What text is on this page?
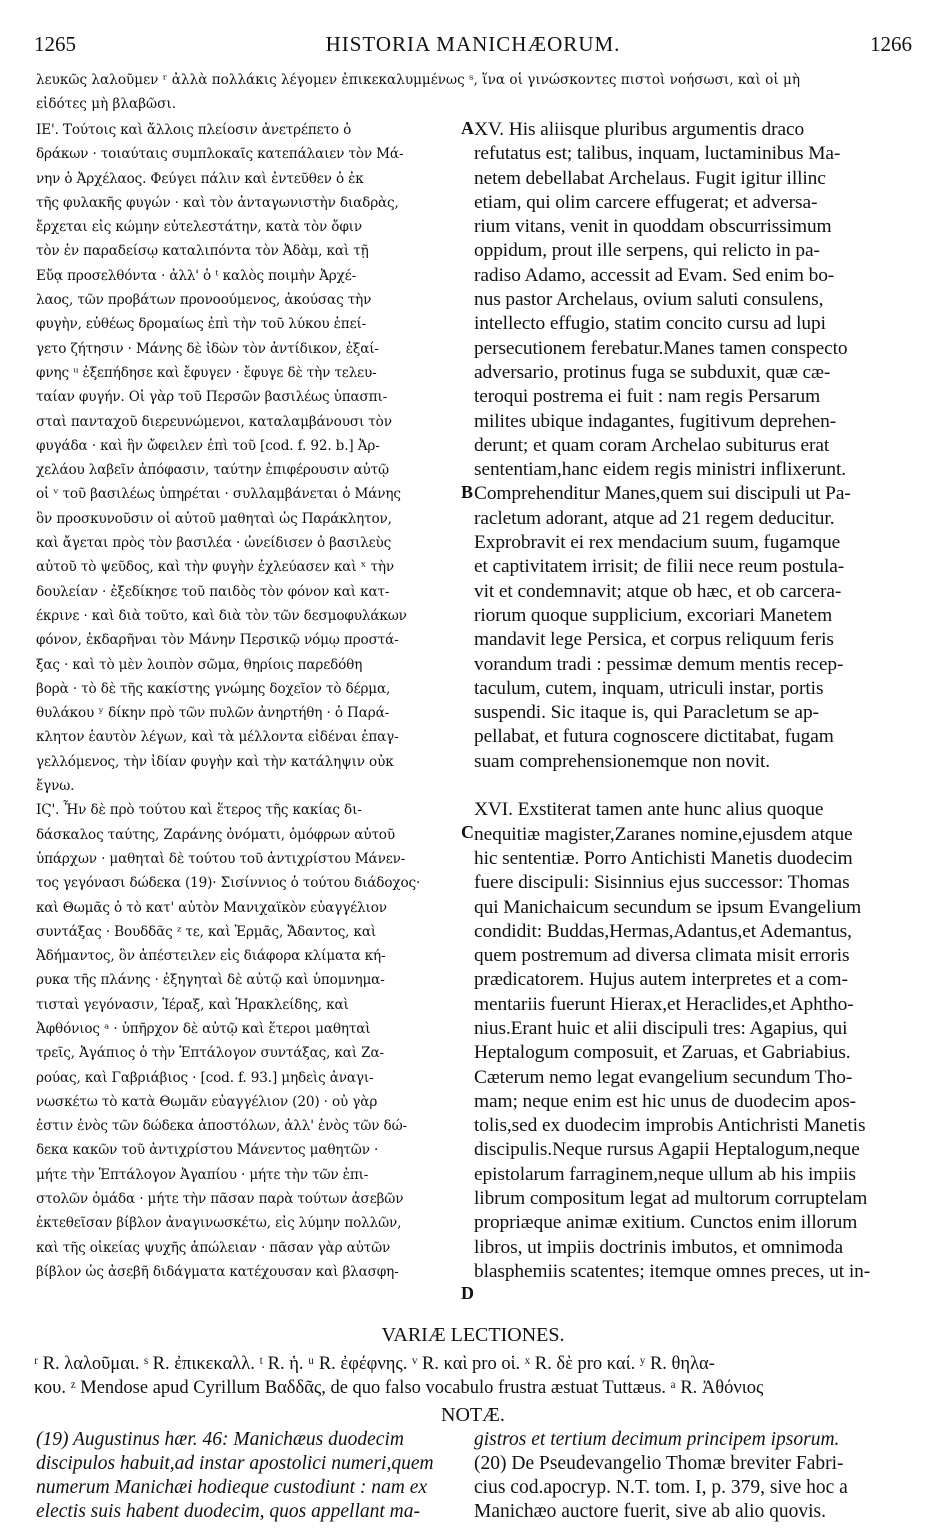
1265	HISTORIA MANICHÆORUM.	1266
λευκῶς λαλοῦμεν ʳ ἀλλὰ πολλάκις λέγομεν ἐπικεκαλυμμένως ˢ, ἵνα οἱ γινώσκοντες πιστοὶ νοήσωσι, καὶ οἱ μὴ
εἰδότες μὴ βλαβῶσι.
ΙΕ'. Τούτοις καὶ ἄλλοις πλείοσιν ἀνετρέπετο ὁ
δράκων · τοιαύταις συμπλοκαῖς κατεπάλαιεν τὸν Μά-
νην ὁ Ἀρχέλαος. Φεύγει πάλιν καὶ ἐντεῦθεν ὁ ἐκ
τῆς φυλακῆς φυγών · καὶ τὸν ἀνταγωνιστὴν διαδρὰς,
ἔρχεται εἰς κώμην εὐτελεστάτην, κατὰ τὸν ὄφιν
τὸν ἐν παραδείσῳ καταλιπόντα τὸν Ἀδὰμ, καὶ τῇ
Εὔᾳ προσελθόντα · ἀλλ' ὁ ᵗ καλὸς ποιμὴν Ἀρχέ-
λαος, τῶν προβάτων προνοούμενος, ἀκούσας τὴν
φυγὴν, εὐθέως δρομαίως ἐπὶ τὴν τοῦ λύκου ἐπεί-
γετο ζήτησιν · Μάνης δὲ ἰδὼν τὸν ἀντίδικον, ἐξαί-
φνης ᵘ ἐξεπήδησε καὶ ἔφυγεν · ἔφυγε δὲ τὴν τελευ-
ταίαν φυγήν. Οἱ γὰρ τοῦ Περσῶν βασιλέως ὑπασπι-
σταὶ πανταχοῦ διερευνώμενοι, καταλαμβάνουσι τὸν
φυγάδα · καὶ ἣν ὤφειλεν ἐπὶ τοῦ [cod. f. 92. b.] Ἀρ-
χελάου λαβεῖν ἀπόφασιν, ταύτην ἐπιφέρουσιν αὐτῷ
οἱ ᵛ τοῦ βασιλέως ὑπηρέται · συλλαμβάνεται ὁ Μάνης
ὃν προσκυνοῦσιν οἱ αὐτοῦ μαθηταὶ ὡς Παράκλητον,
καὶ ἄγεται πρὸς τὸν βασιλέα · ὠνείδισεν ὁ βασιλεὺς
αὐτοῦ τὸ ψεῦδος, καὶ τὴν φυγὴν ἐχλεύασεν καὶ ˣ τὴν
δουλείαν · ἐξεδίκησε τοῦ παιδὸς τὸν φόνον καὶ κατ-
έκρινε · καὶ διὰ τοῦτο, καὶ διὰ τὸν τῶν δεσμοφυλάκων
φόνον, ἐκδαρῆναι τὸν Μάνην Περσικῷ νόμῳ προστά-
ξας · καὶ τὸ μὲν λοιπὸν σῶμα, θηρίοις παρεδόθη
βορὰ · τὸ δὲ τῆς κακίστης γνώμης δοχεῖον τὸ δέρμα,
θυλάκου ʸ δίκην πρὸ τῶν πυλῶν ἀνηρτήθη · ὁ Παρά-
κλητον ἑαυτὸν λέγων, καὶ τὰ μέλλοντα εἰδέναι ἐπαγ-
γελλόμενος, τὴν ἰδίαν φυγὴν καὶ τὴν κατάληψιν οὐκ
ἔγνω.
ΙϚ'. Ἦν δὲ πρὸ τούτου καὶ ἕτερος τῆς κακίας δι-
δάσκαλος ταύτης, Ζαράνης ὀνόματι, ὁμόφρων αὐτοῦ
ὑπάρχων · μαθηταὶ δὲ τούτου τοῦ ἀντιχρίστου Μάνεν-
τος γεγόνασι δώδεκα (19)· Σισίννιος ὁ τούτου διάδοχος·
καὶ Θωμᾶς ὁ τὸ κατ' αὐτὸν Μανιχαϊκὸν εὐαγγέλιον
συντάξας · Βουδδᾶς ᶻ τε, καὶ Ἑρμᾶς, Ἄδαντος, καὶ
Ἀδήμαντος, ὃν ἀπέστειλεν εἰς διάφορα κλίματα κή-
ρυκα τῆς πλάνης · ἐξηγηταὶ δὲ αὐτῷ καὶ ὑπομνημα-
τισταὶ γεγόνασιν, Ἱέραξ, καὶ Ἡρακλείδης, καὶ
Ἀφθόνιος ᵃ · ὑπῆρχον δὲ αὐτῷ καὶ ἕτεροι μαθηταὶ
τρεῖς, Ἀγάπιος ὁ τὴν Ἑπτάλογον συντάξας, καὶ Ζα-
ρούας, καὶ Γαβριάβιος · [cod. f. 93.] μηδεὶς ἀναγι-
νωσκέτω τὸ κατὰ Θωμᾶν εὐαγγέλιον (20) · οὐ γὰρ
ἐστιν ἑνὸς τῶν δώδεκα ἀποστόλων, ἀλλ' ἑνὸς τῶν δώ-
δεκα κακῶν τοῦ ἀντιχρίστου Μάνεντος μαθητῶν ·
μήτε τὴν Ἑπτάλογον Ἀγαπίου · μήτε τὴν τῶν ἐπι-
στολῶν ὁμάδα · μήτε τὴν πᾶσαν παρὰ τούτων ἀσεβῶν
ἐκτεθεῖσαν βίβλον ἀναγινωσκέτω, εἰς λύμην πολλῶν,
καὶ τῆς οἰκείας ψυχῆς ἀπώλειαν · πᾶσαν γὰρ αὐτῶν
βίβλον ὡς ἀσεβῆ διδάγματα κατέχουσαν καὶ βλασφη-
XV. His aliisque pluribus argumentis draco
refutatus est; talibus, inquam, luctaminibus Ma-
netem debellabat Archelaus. Fugit igitur illinc
etiam, qui olim carcere effugerat; et adversa-
rium vitans, venit in quoddam obscurrissimum
oppidum, prout ille serpens, qui relicto in pa-
radiso Adamo, accessit ad Evam. Sed enim bo-
nus pastor Archelaus, ovium saluti consulens,
intellecto effugio, statim concito cursu ad lupi
persecutionem ferebatur.Manes tamen conspecto
adversario, protinus fuga se subduxit, quæ cæ-
teroqui postrema ei fuit : nam regis Persarum
milites ubique indagantes, fugitivum deprehen-
derunt; et quam coram Archelao subiturus erat
sententiam,hanc eidem regis ministri inflixerunt.
Comprehenditur Manes,quem sui discipuli ut Pa-
racletum adorant, atque ad 21 regem deducitur.
Exprobravit ei rex mendacium suum, fugamque
et captivitatem irrisit; de filii nece reum postula-
vit et condemnavit; atque ob hæc, et ob carcera-
riorum quoque supplicium, excoriari Manetem
mandavit lege Persica, et corpus reliquum feris
vorandum tradi : pessimæ demum mentis recep-
taculum, cutem, inquam, utriculi instar, portis
suspendi. Sic itaque is, qui Paracletum se ap-
pellabat, et futura cognoscere dictitabat, fugam
suam comprehensionemque non novit.
XVI. Exstiterat tamen ante hunc alius quoque
nequitiæ magister,Zaranes nomine,ejusdem atque
hic sententiæ. Porro Antichisti Manetis duodecim
fuere discipuli: Sisinnius ejus successor: Thomas
qui Manichaicum secundum se ipsum Evangelium
condidit: Buddas,Hermas,Adantus,et Ademantus,
quem postremum ad diversa climata misit erroris
prædicatorem. Hujus autem interpretes et a com-
mentariis fuerunt Hierax,et Heraclides,et Aphtho-
nius.Erant huic et alii discipuli tres: Agapius, qui
Heptalogum composuit, et Zaruas, et Gabriabius.
Cæterum nemo legat evangelium secundum Tho-
mam; neque enim est hic unus de duodecim apos-
tolis,sed ex duodecim improbis Antichristi Manetis
discipulis.Neque rursus Agapii Heptalogum,neque
epistolarum farraginem,neque ullum ab his impiis
librum compositum legat ad multorum corruptelam
propriæque animæ exitium. Cunctos enim illorum
libros, ut impiis doctrinis imbutos, et omnimoda
blasphemiis scatentes; itemque omnes preces, ut in-
A
B
C
D
VARIÆ LECTIONES.
ʳ R. λαλοῦμαι. ˢ R. ἐπικεκαλλ. ᵗ R. ἡ. ᵘ R. ἐφέφνης. ᵛ R. καὶ pro οἱ. ˣ R. δὲ pro καί. ʸ R. θηλα-
κου. ᶻ Mendose apud Cyrillum Βαδδᾶς, de quo falso vocabulo frustra æstuat Tuttæus. ᵃ R. Ἀθόνιος
NOTÆ.
(19) Augustinus hær. 46: Manichæus duodecim
discipulos habuit,ad instar apostolici numeri,quem
numerum Manichæi hodieque custodiunt : nam ex
electis suis habent duodecim, quos appellant ma-
gistros et tertium decimum principem ipsorum.
(20) De Pseudevangelio Thomæ breviter Fabri-
cius cod.apocryp. N.T. tom. I, p. 379, sive hoc a
Manichæo auctore fuerit, sive ab alio quovis.
